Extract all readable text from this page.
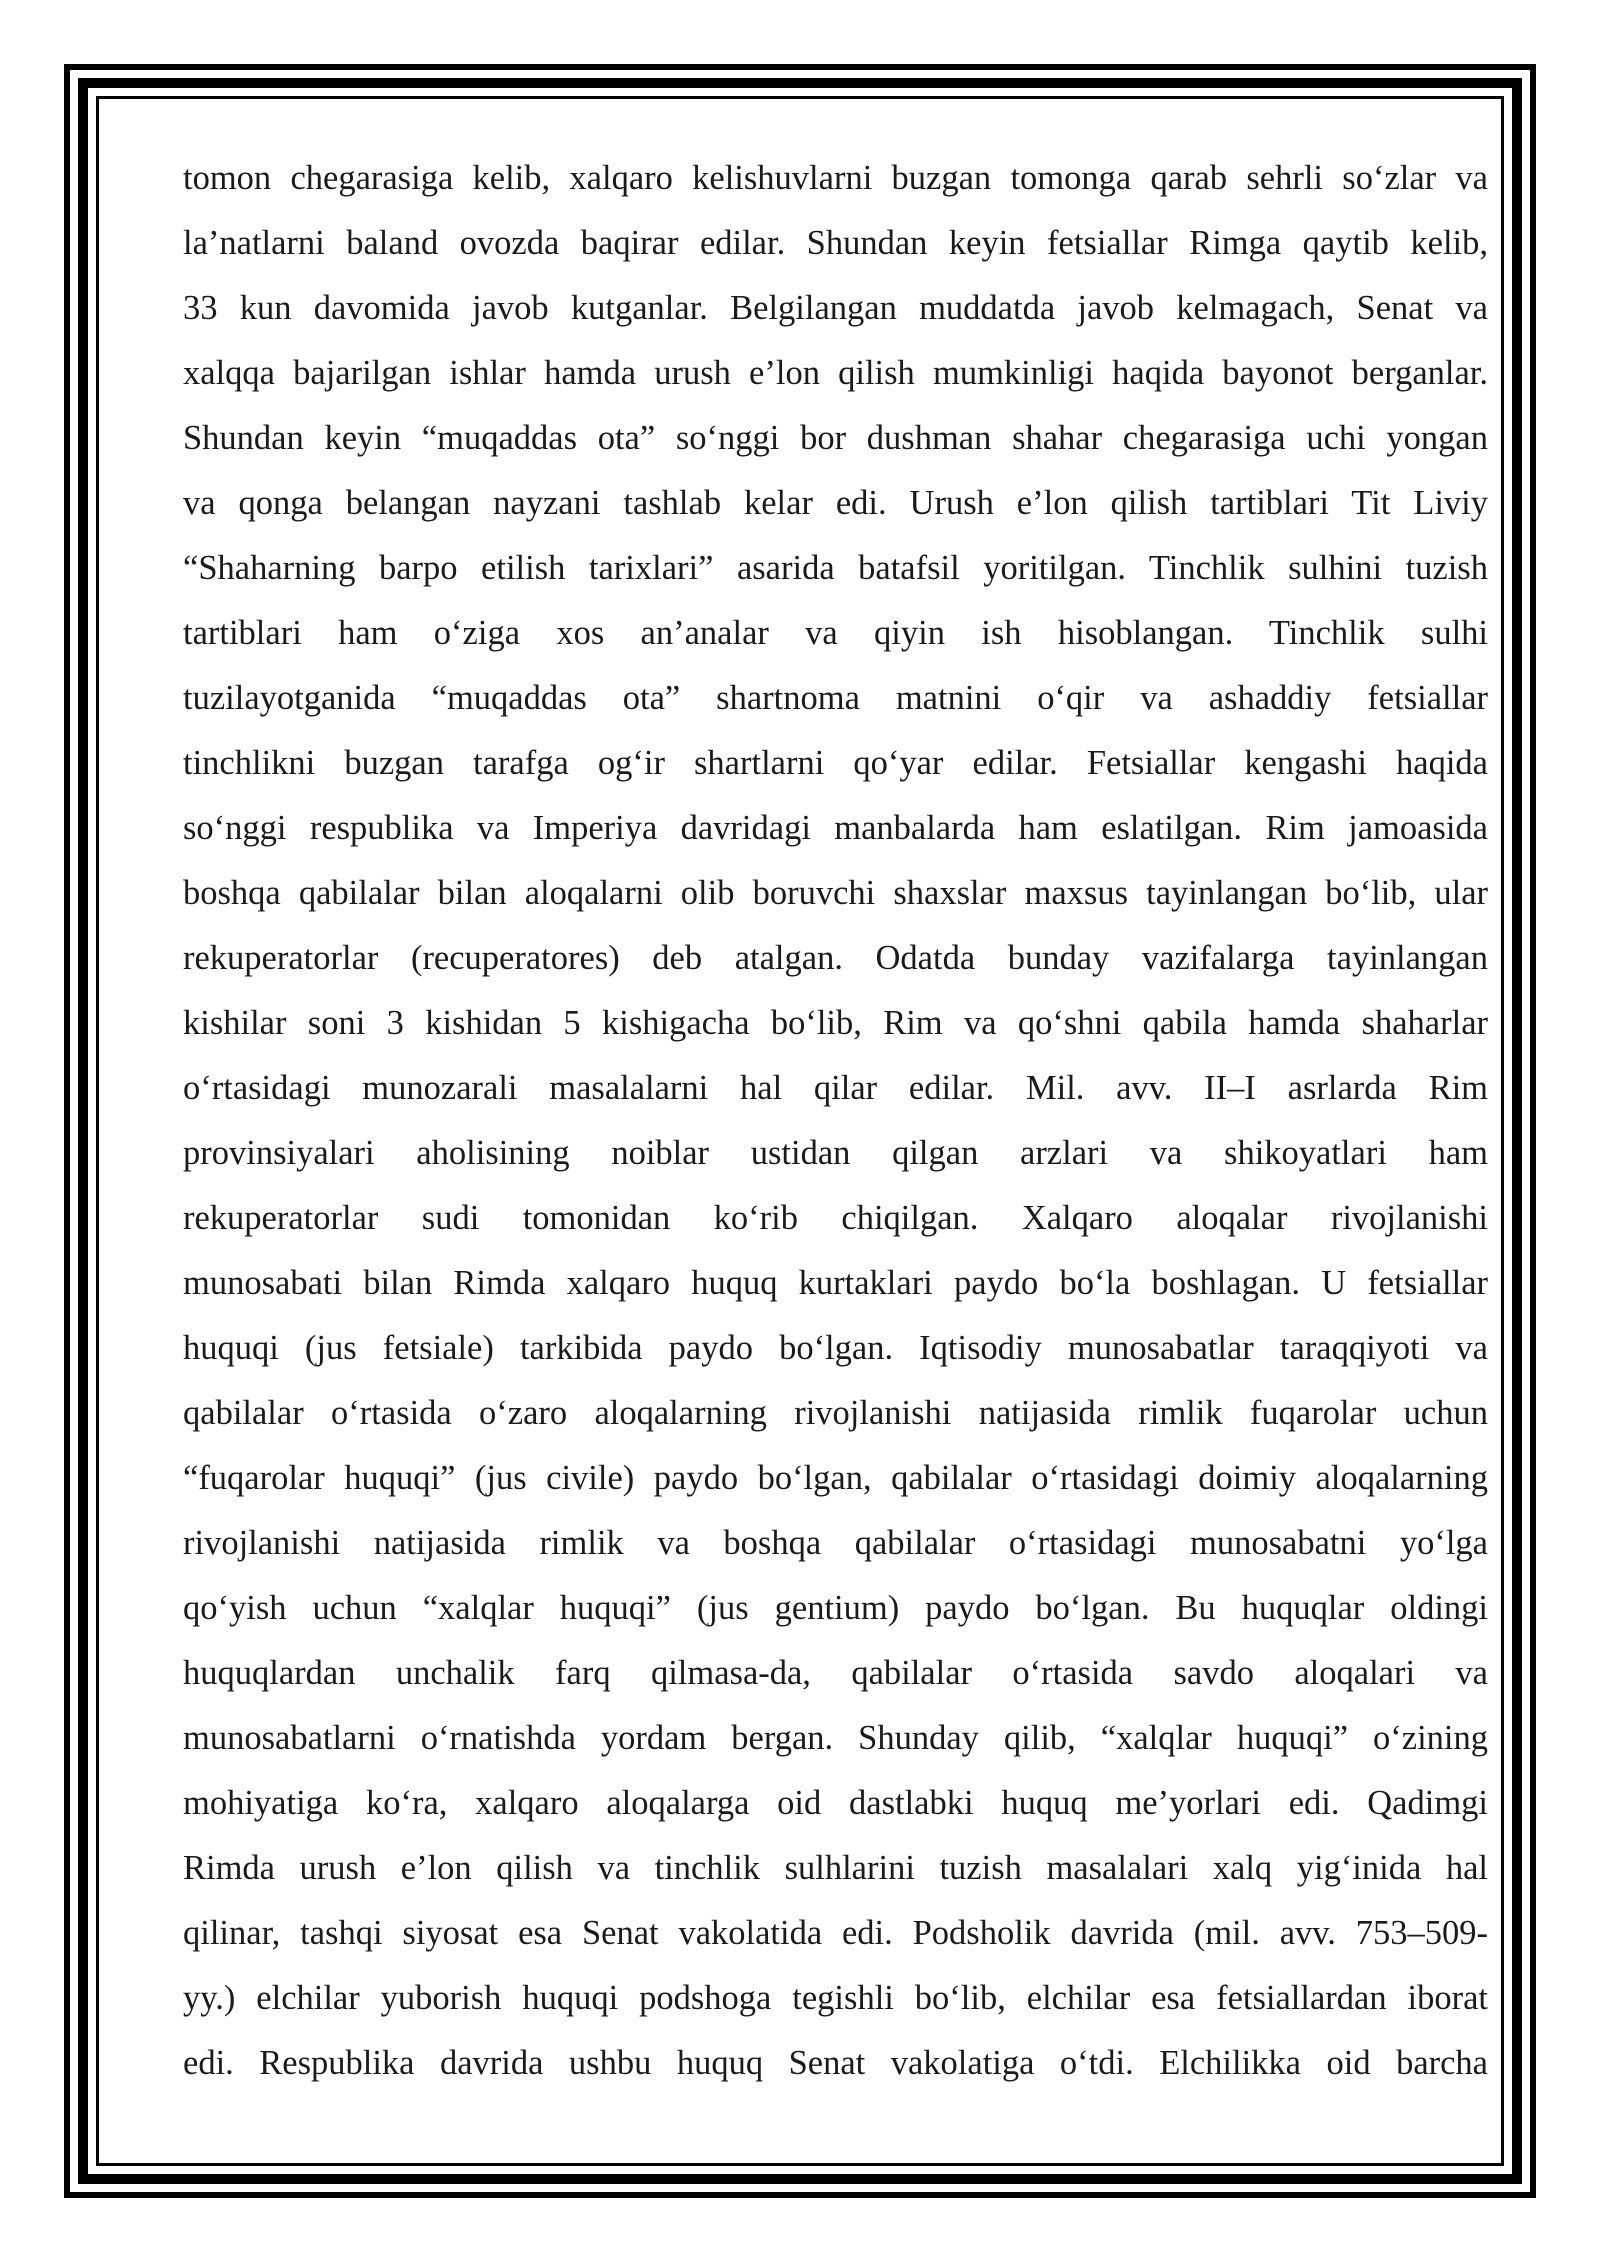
tomon chegarasiga kelib, xalqaro kelishuvlarni buzgan tomonga qarab sehrli so‘zlar va
la’natlarni baland ovozda baqirar edilar. Shundan keyin fetsiallar Rimga qaytib kelib,
33 kun davomida javob kutganlar. Belgilangan muddatda javob kelmagach, Senat va
xalqqa bajarilgan ishlar hamda urush e’lon qilish mumkinligi haqida bayonot berganlar.
Shundan keyin “muqaddas ota” so‘nggi bor dushman shahar chegarasiga uchi yongan
va qonga belangan nayzani tashlab kelar edi. Urush e’lon qilish tartiblari Tit Liviy
“Shaharning barpo etilish tarixlari” asarida batafsil yoritilgan. Tinchlik sulhini tuzish
tartiblari ham o‘ziga xos an’analar va qiyin ish hisoblangan. Tinchlik sulhi
tuzilayotganida “muqaddas ota” shartnoma matnini o‘qir va ashaddiy fetsiallar
tinchlikni buzgan tarafga og‘ir shartlarni qo‘yar edilar. Fetsiallar kengashi haqida
so‘nggi respublika va Imperiya davridagi manbalarda ham eslatilgan. Rim jamoasida
boshqa qabilalar bilan aloqalarni olib boruvchi shaxslar maxsus tayinlangan bo‘lib, ular
rekuperatorlar (recuperatores) deb atalgan. Odatda bunday vazifalarga tayinlangan
kishilar soni 3 kishidan 5 kishigacha bo‘lib, Rim va qo‘shni qabila hamda shaharlar
o‘rtasidagi munozarali masalalarni hal qilar edilar. Mil. avv. II–I asrlarda Rim
provinsiyalari aholisining noiblar ustidan qilgan arzlari va shikoyatlari ham
rekuperatorlar sudi tomonidan ko‘rib chiqilgan. Xalqaro aloqalar rivojlanishi
munosabati bilan Rimda xalqaro huquq kurtaklari paydo bo‘la boshlagan. U fetsiallar
huquqi (jus fetsiale) tarkibida paydo bo‘lgan. Iqtisodiy munosabatlar taraqqiyoti va
qabilalar o‘rtasida o‘zaro aloqalarning rivojlanishi natijasida rimlik fuqarolar uchun
“fuqarolar huquqi” (jus civile) paydo bo‘lgan, qabilalar o‘rtasidagi doimiy aloqalarning
rivojlanishi natijasida rimlik va boshqa qabilalar o‘rtasidagi munosabatni yo‘lga
qo‘yish uchun “xalqlar huquqi” (jus gentium) paydo bo‘lgan. Bu huquqlar oldingi
huquqlardan unchalik farq qilmasa-da, qabilalar o‘rtasida savdo aloqalari va
munosabatlarni o‘rnatishda yordam bergan. Shunday qilib, “xalqlar huquqi” o‘zining
mohiyatiga ko‘ra, xalqaro aloqalarga oid dastlabki huquq me’yorlari edi. Qadimgi
Rimda urush e’lon qilish va tinchlik sulhlarini tuzish masalalari xalq yig‘inida hal
qilinar, tashqi siyosat esa Senat vakolatida edi. Podsholik davrida (mil. avv. 753–509-
yy.) elchilar yuborish huquqi podshoga tegishli bo‘lib, elchilar esa fetsiallardan iborat
edi. Respublika davrida ushbu huquq Senat vakolatiga o‘tdi. Elchilikka oid barcha
